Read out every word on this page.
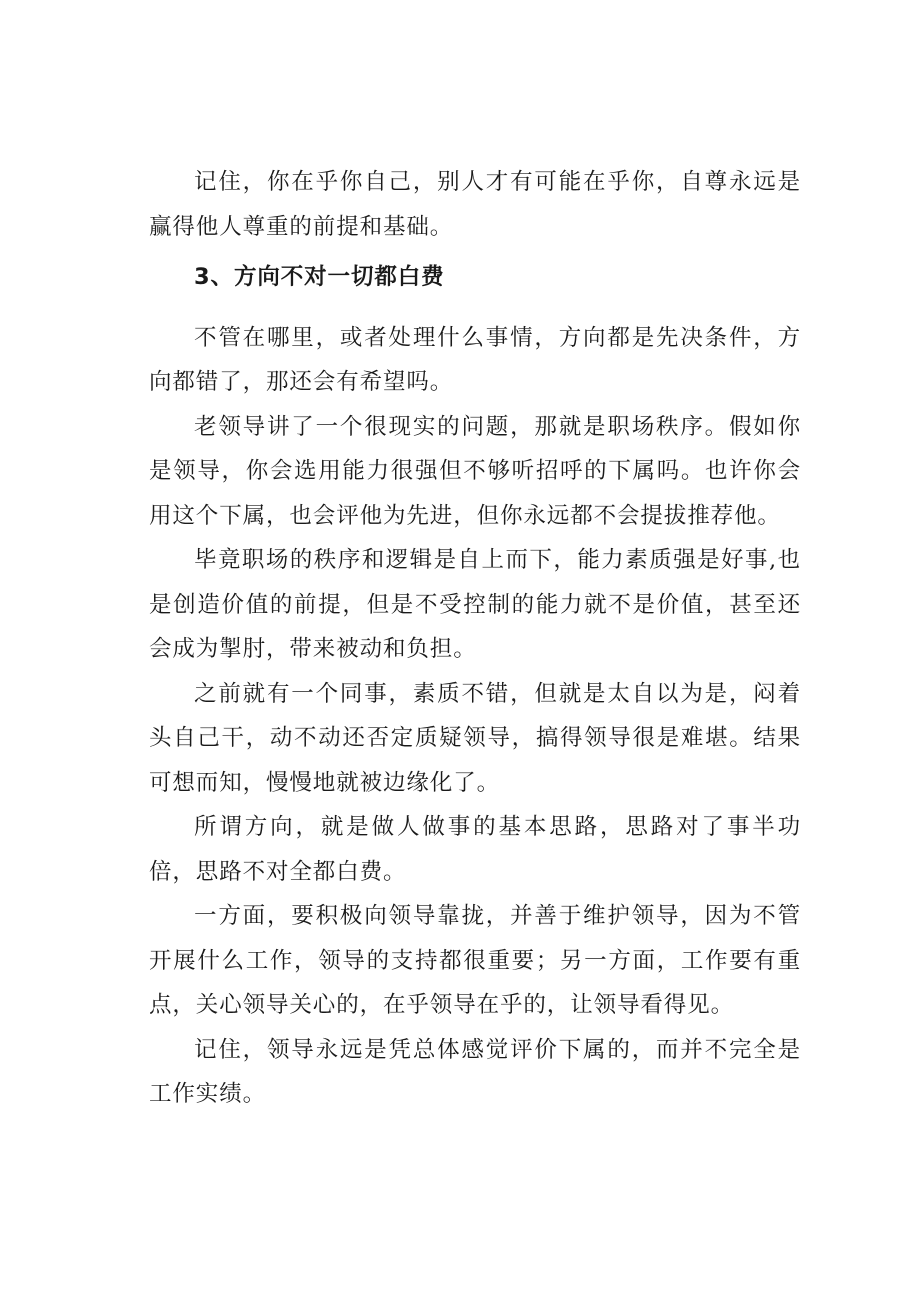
记住，你在乎你自己，别人才有可能在乎你，自尊永远是赢得他人尊重的前提和基础。

3、方向不对一切都白费

不管在哪里，或者处理什么事情，方向都是先决条件，方向都错了，那还会有希望吗。

老领导讲了一个很现实的问题，那就是职场秩序。假如你是领导，你会选用能力很强但不够听招呼的下属吗。也许你会用这个下属，也会评他为先进，但你永远都不会提拔推荐他。

毕竟职场的秩序和逻辑是自上而下，能力素质强是好事,也是创造价值的前提，但是不受控制的能力就不是价值，甚至还会成为掣肘，带来被动和负担。

之前就有一个同事，素质不错，但就是太自以为是，闷着头自己干，动不动还否定质疑领导，搞得领导很是难堪。结果可想而知，慢慢地就被边缘化了。

所谓方向，就是做人做事的基本思路，思路对了事半功倍，思路不对全都白费。

一方面，要积极向领导靠拢，并善于维护领导，因为不管开展什么工作，领导的支持都很重要；另一方面，工作要有重点，关心领导关心的，在乎领导在乎的，让领导看得见。

记住，领导永远是凭总体感觉评价下属的，而并不完全是工作实绩。
